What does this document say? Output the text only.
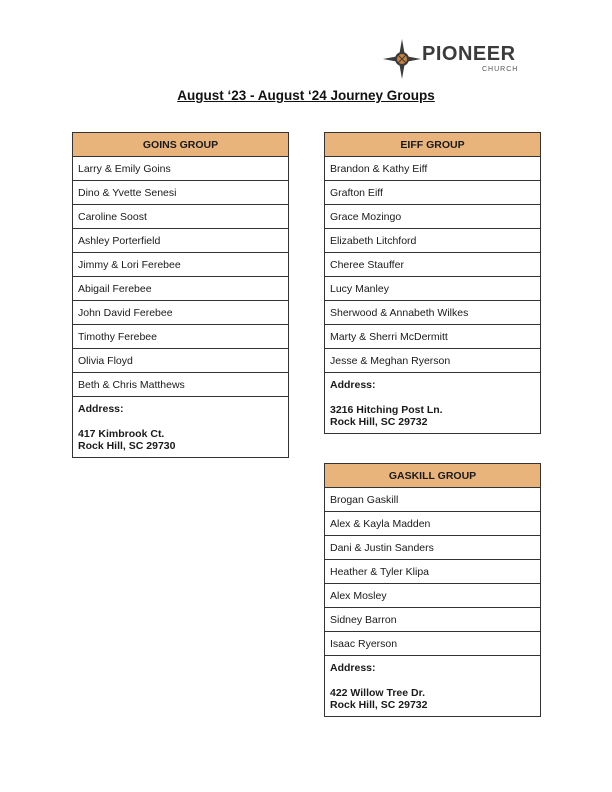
PIONEER
CHURCH
August ‘23 - August ‘24 Journey Groups
GOINS GROUP
Larry & Emily Goins
Dino & Yvette Senesi
Caroline Soost
Ashley Porterfield
Jimmy & Lori Ferebee
Abigail Ferebee
John David Ferebee
Timothy Ferebee
Olivia Floyd
Beth & Chris Matthews

Address:
417 Kimbrook Ct.
Rock Hill, SC 29730
EIFF GROUP
Brandon & Kathy Eiff
Grafton Eiff
Grace Mozingo
Elizabeth Litchford
Cheree Stauffer
Lucy Manley
Sherwood & Annabeth Wilkes
Marty & Sherri McDermitt
Jesse & Meghan Ryerson

Address:
3216 Hitching Post Ln.
Rock Hill, SC 29732
GASKILL GROUP
Brogan Gaskill
Alex & Kayla Madden
Dani & Justin Sanders
Heather & Tyler Klipa
Alex Mosley
Sidney Barron
Isaac Ryerson

Address:
422 Willow Tree Dr.
Rock Hill, SC 29732
